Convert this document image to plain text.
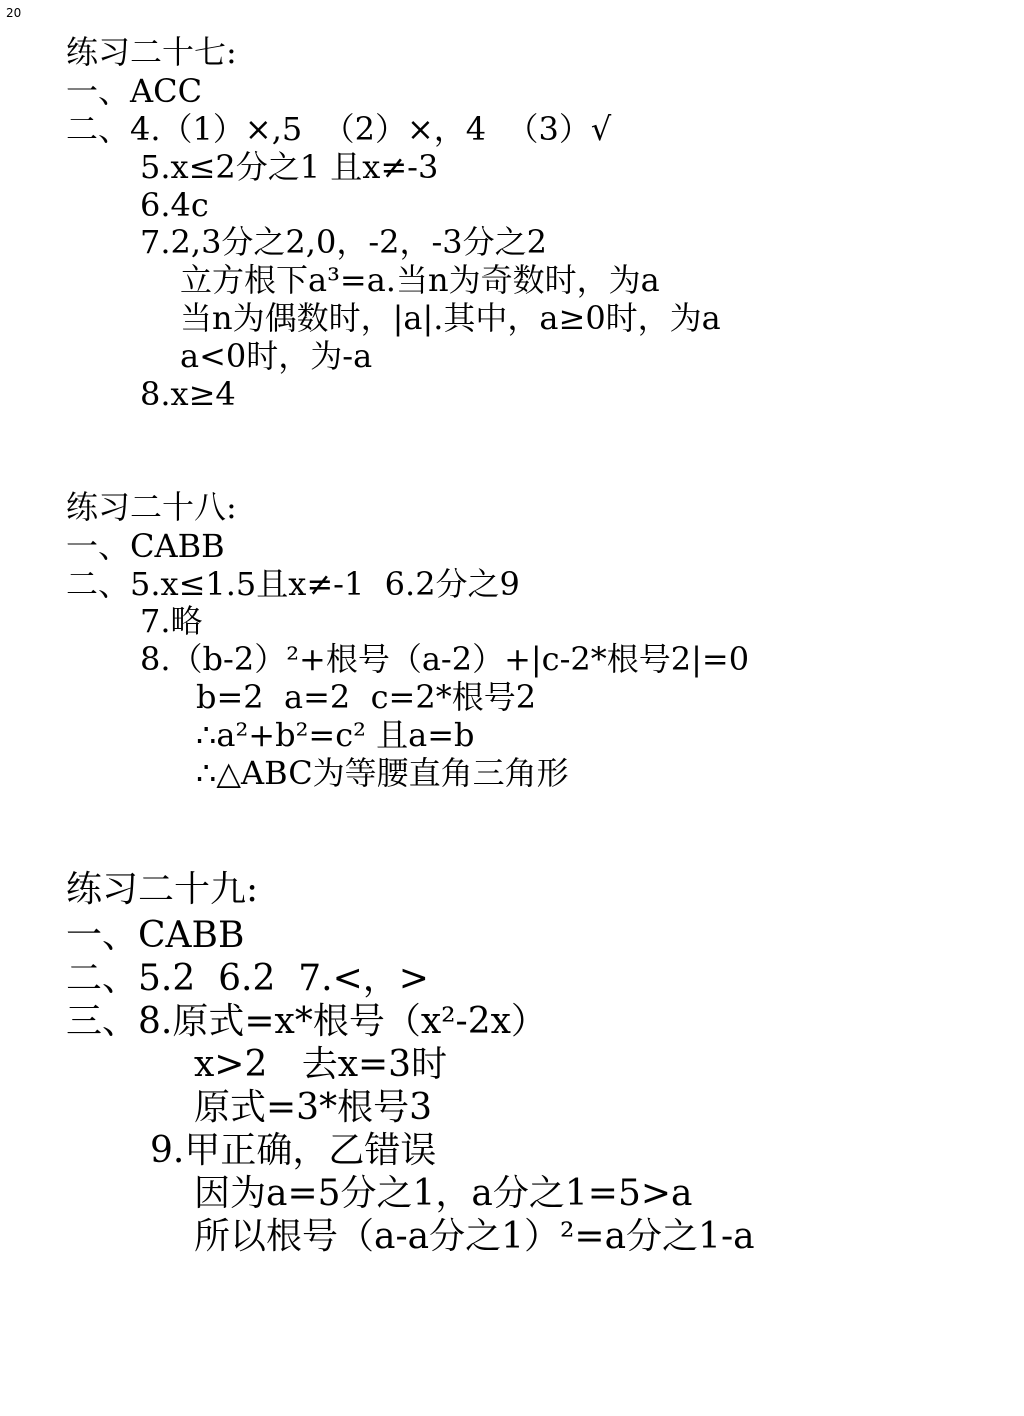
20
练习二十七:
一、ACC
二、4.（1）×,5  （2）×，4  （3）√
5.x≤2分之1 且x≠-3
6.4c
7.2,3分之2,0，-2，-3分之2
立方根下a³=a.当n为奇数时，为a
当n为偶数时，|a|.其中，a≥0时，为a
a<0时，为-a
8.x≥4
练习二十八:
一、CABB
二、5.x≤1.5且x≠-1  6.2分之9
7.略
8.（b-2）²+根号（a-2）+|c-2*根号2|=0
b=2  a=2  c=2*根号2
∴a²+b²=c² 且a=b
∴△ABC为等腰直角三角形
练习二十九:
一、CABB
二、5.2  6.2  7.<，>
三、8.原式=x*根号（x²-2x）
x>2   去x=3时
原式=3*根号3
9.甲正确，乙错误
因为a=5分之1，a分之1=5>a
所以根号（a-a分之1）²=a分之1-a
